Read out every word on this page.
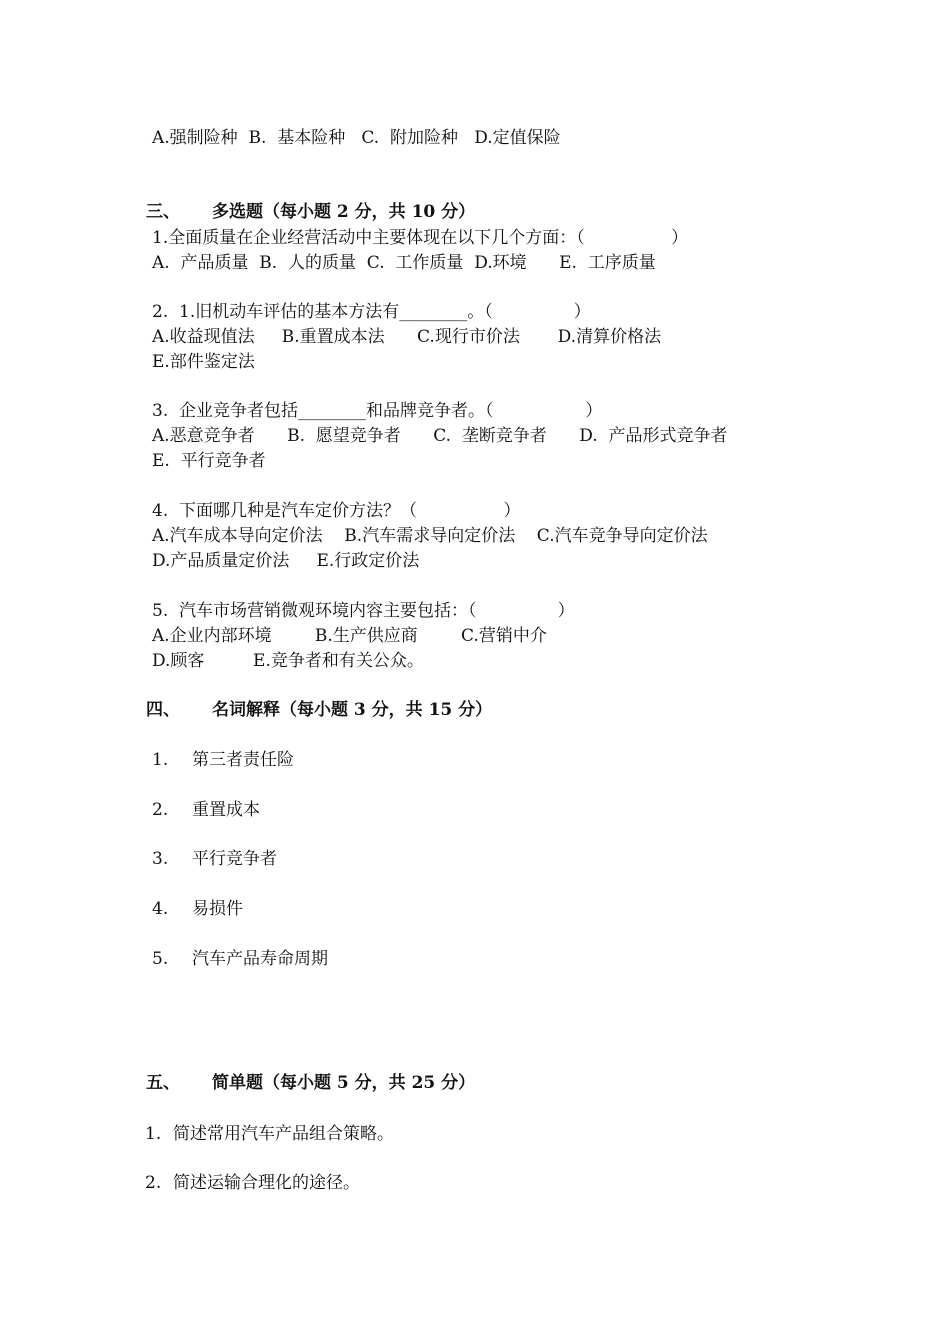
A.强制险种  B.  基本险种   C.  附加险种   D.定值保险
三、 多选题（每小题 2 分，共 10 分）
1.全面质量在企业经营活动中主要体现在以下几个方面：（                ）
A.  产品质量  B.  人的质量  C.  工作质量  D.环境      E.  工序质量
2.  1.旧机动车评估的基本方法有________。（               ）
A.收益现值法     B.重置成本法      C.现行市价法       D.清算价格法
E.部件鉴定法
3.  企业竞争者包括________和品牌竞争者。（                 ）
A.恶意竞争者      B.  愿望竞争者      C.  垄断竞争者      D.  产品形式竞争者
E.  平行竞争者
4.  下面哪几种是汽车定价方法？（                ）
A.汽车成本导向定价法    B.汽车需求导向定价法    C.汽车竞争导向定价法
D.产品质量定价法     E.行政定价法
5.  汽车市场营销微观环境内容主要包括：（               ）
A.企业内部环境        B.生产供应商        C.营销中介
D.顾客         E.竞争者和有关公众。
四、 名词解释（每小题 3 分，共 15 分）
1. 第三者责任险
2. 重置成本
3. 平行竞争者
4. 易损件
5. 汽车产品寿命周期
五、 简单题（每小题 5 分，共 25 分）
1. 简述常用汽车产品组合策略。
2. 简述运输合理化的途径。
